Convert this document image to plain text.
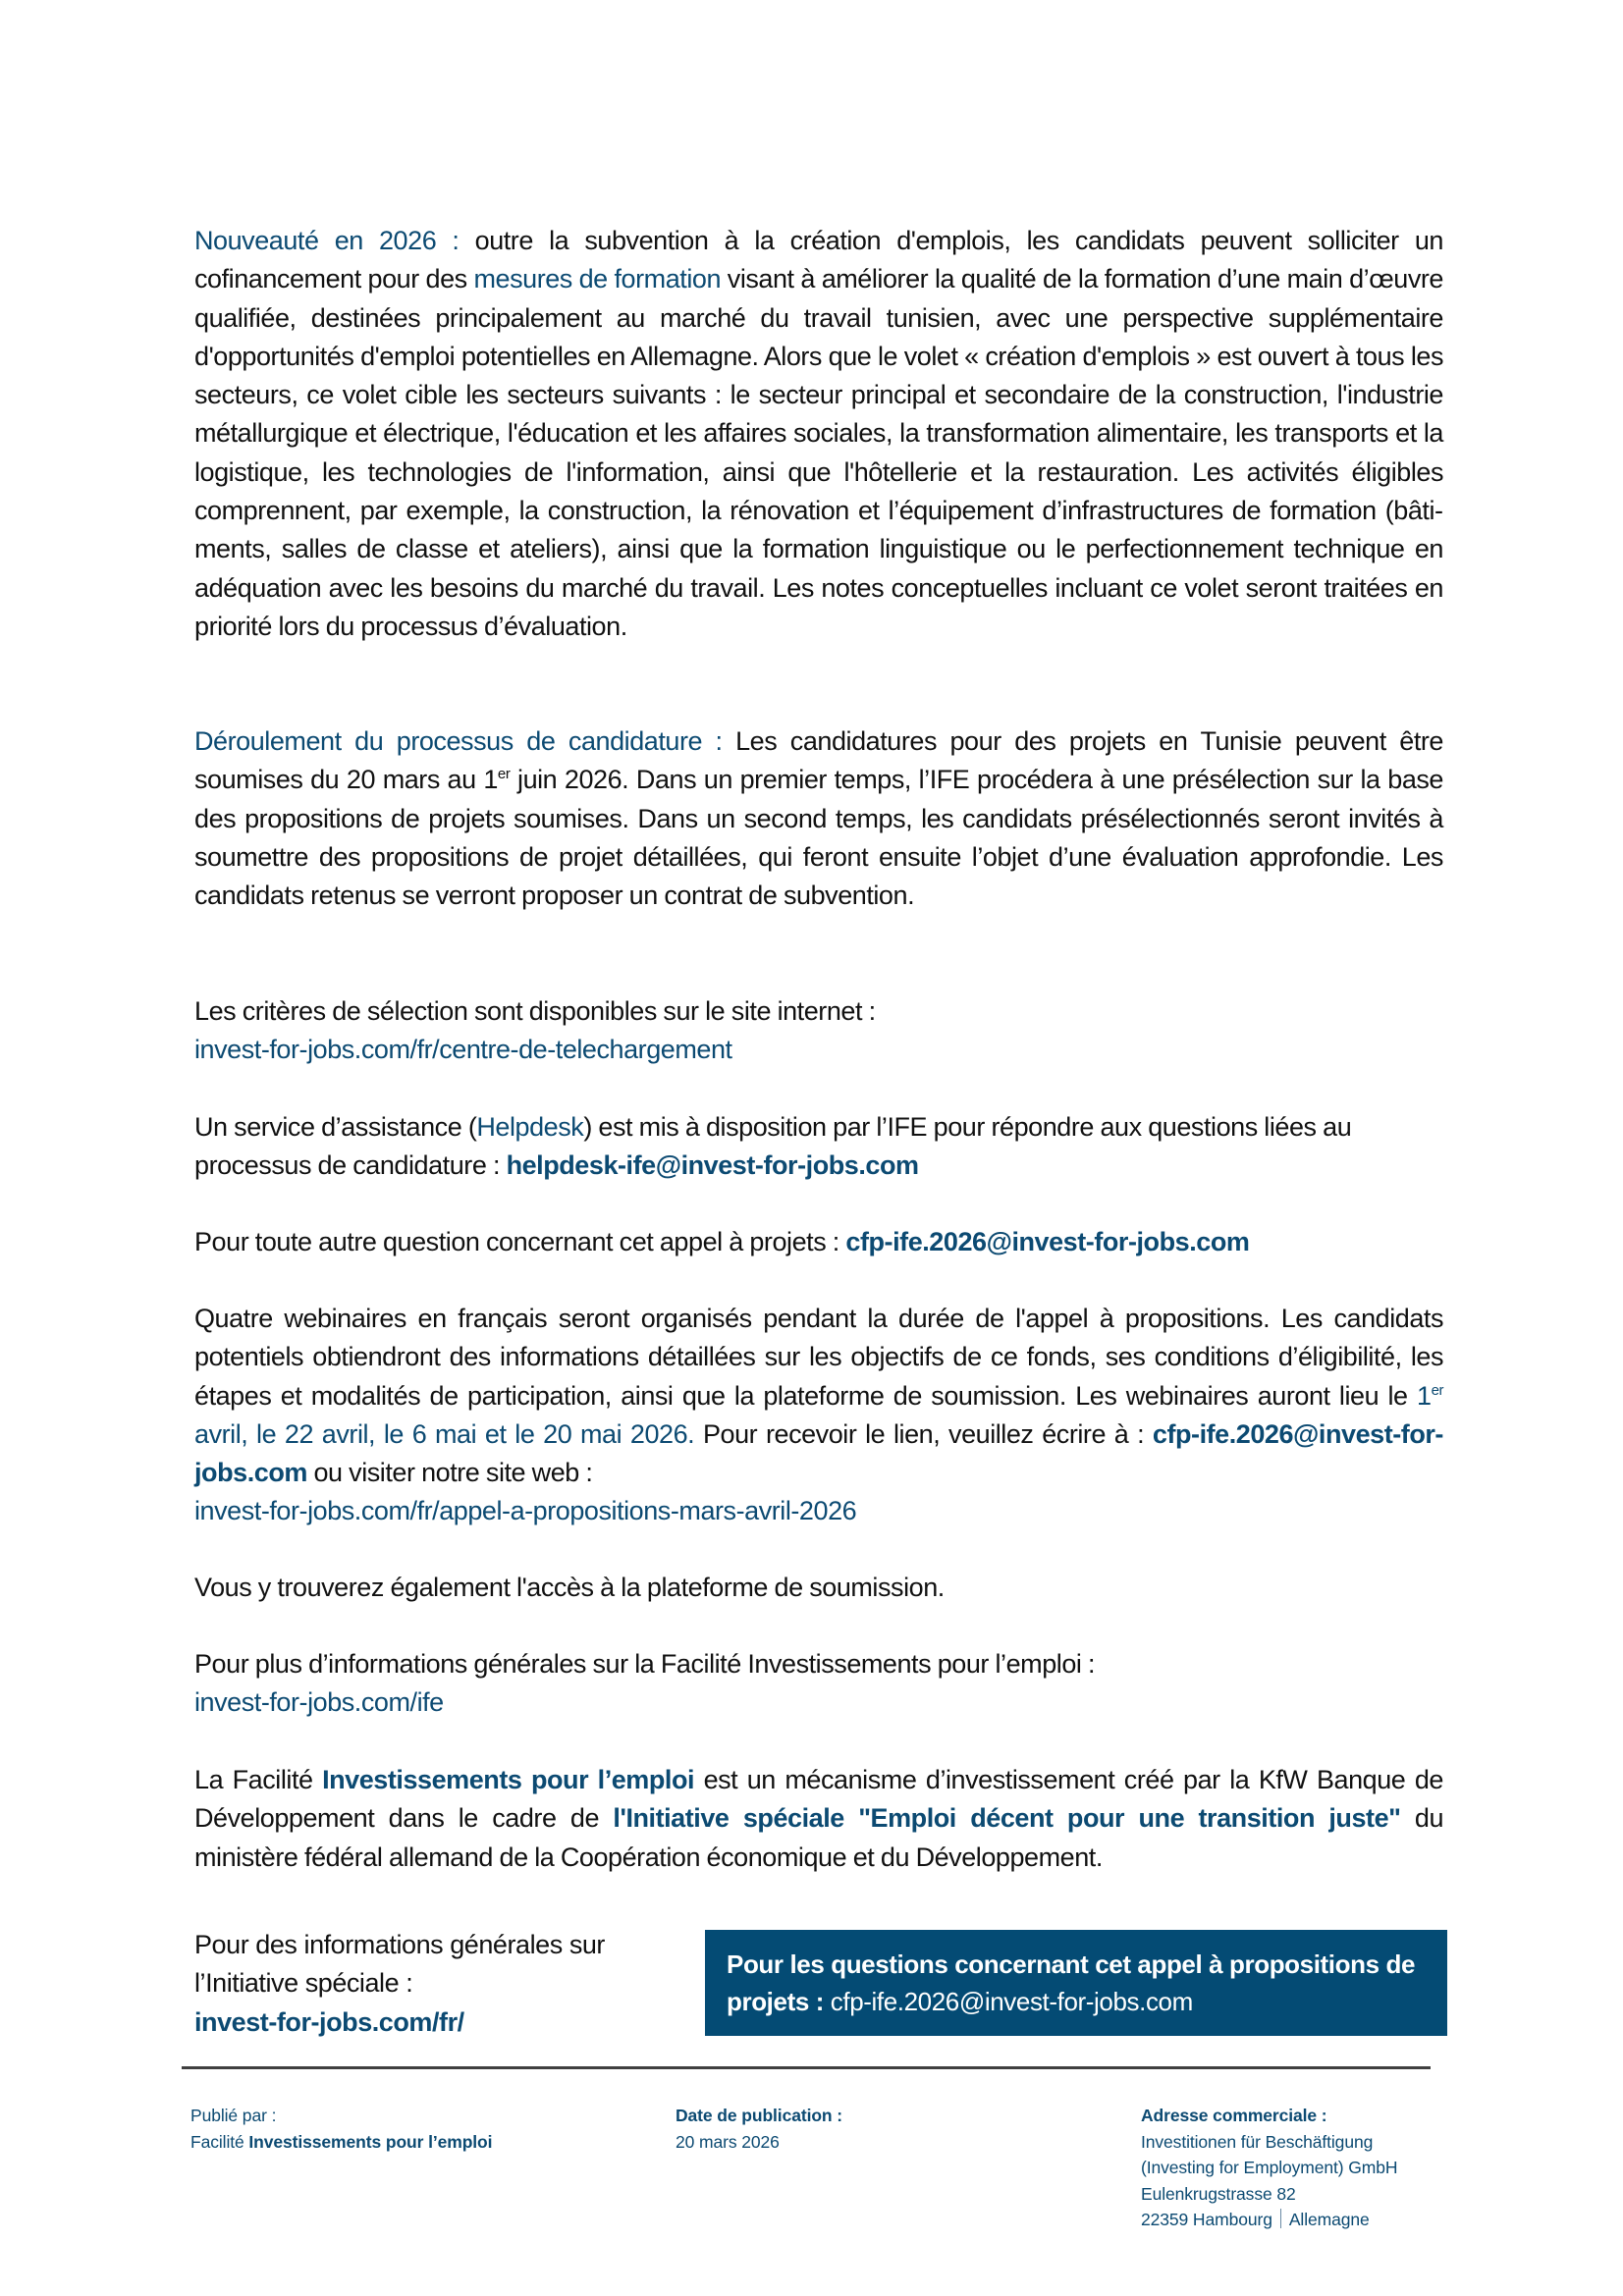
Nouveauté en 2026 : outre la subvention à la création d'emplois, les candidats peuvent solliciter un cofinancement pour des mesures de formation visant à améliorer la qualité de la formation d’une main d’œuvre qualifiée, destinées principalement au marché du travail tunisien, avec une perspective supplémentaire d'opportunités d'emploi potentielles en Allemagne. Alors que le volet « création d'emplois » est ouvert à tous les secteurs, ce volet cible les secteurs suivants : le secteur principal et secondaire de la construction, l'industrie métallurgique et électrique, l'éducation et les affaires sociales, la transformation alimentaire, les transports et la logistique, les technologies de l'information, ainsi que l'hôtellerie et la restauration. Les activités éligibles comprennent, par exemple, la construction, la rénovation et l’équipement d’infrastructures de formation (bâtiments, salles de classe et ateliers), ainsi que la formation linguistique ou le perfectionnement technique en adéquation avec les besoins du marché du travail. Les notes conceptuelles incluant ce volet seront traitées en priorité lors du processus d’évaluation.

Déroulement du processus de candidature : Les candidatures pour des projets en Tunisie peuvent être soumises du 20 mars au 1er juin 2026. Dans un premier temps, l’IFE procédera à une présélection sur la base des propositions de projets soumises. Dans un second temps, les candidats présélectionnés seront invités à soumettre des propositions de projet détaillées, qui feront ensuite l’objet d’une évaluation approfondie. Les candidats retenus se verront proposer un contrat de subvention.

Les critères de sélection sont disponibles sur le site internet :
invest-for-jobs.com/fr/centre-de-telechargement

Un service d’assistance (Helpdesk) est mis à disposition par l’IFE pour répondre aux questions liées au processus de candidature : helpdesk-ife@invest-for-jobs.com

Pour toute autre question concernant cet appel à projets : cfp-ife.2026@invest-for-jobs.com

Quatre webinaires en français seront organisés pendant la durée de l'appel à propositions. Les candidats potentiels obtiendront des informations détaillées sur les objectifs de ce fonds, ses conditions d’éligibilité, les étapes et modalités de participation, ainsi que la plateforme de soumission. Les webinaires auront lieu le 1er avril, le 22 avril, le 6 mai et le 20 mai 2026. Pour recevoir le lien, veuillez écrire à : cfp-ife.2026@invest-for-jobs.com ou visiter notre site web :
invest-for-jobs.com/fr/appel-a-propositions-mars-avril-2026

Vous y trouverez également l'accès à la plateforme de soumission.

Pour plus d’informations générales sur la Facilité Investissements pour l’emploi :
invest-for-jobs.com/ife

La Facilité Investissements pour l’emploi est un mécanisme d’investissement créé par la KfW Banque de Développement dans le cadre de l'Initiative spéciale "Emploi décent pour une transition juste" du ministère fédéral allemand de la Coopération économique et du Développement.

Pour des informations générales sur
l’Initiative spéciale :
invest-for-jobs.com/fr/
Pour les questions concernant cet appel à propositions de projets : cfp-ife.2026@invest-for-jobs.com
Publié par :
Facilité Investissements pour l’emploi
Date de publication :
20 mars 2026
Adresse commerciale :
Investitionen für Beschäftigung
(Investing for Employment) GmbH
Eulenkrugstrasse 82
22359 Hambourg Allemagne
